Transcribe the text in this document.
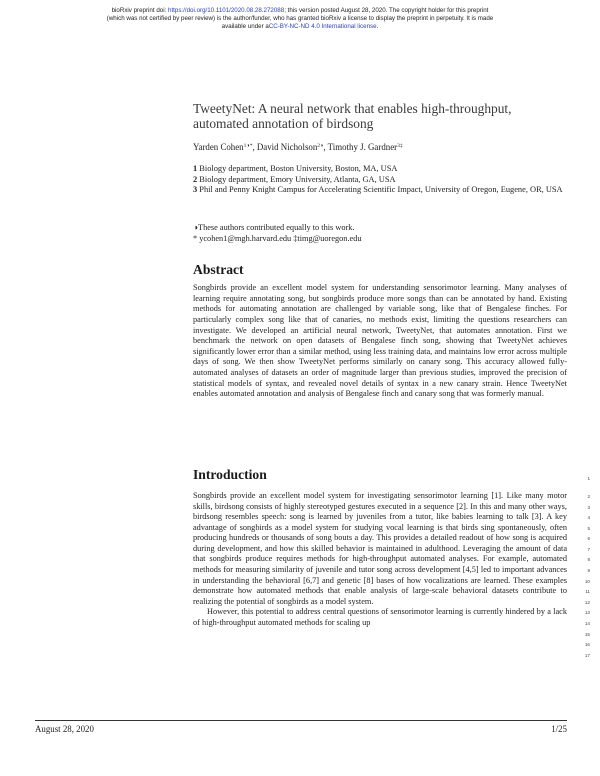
bioRxiv preprint doi: https://doi.org/10.1101/2020.08.28.272088; this version posted August 28, 2020. The copyright holder for this preprint
(which was not certified by peer review) is the author/funder, who has granted bioRxiv a license to display the preprint in perpetuity. It is made
available under aCC-BY-NC-ND 4.0 International license.
TweetyNet: A neural network that enables high-throughput,
automated annotation of birdsong
Yarden Cohen$^{1◑*}$, David Nicholson$^{2◑}$, Timothy J. Gardner$^{3\ddagger}$
1 Biology department, Boston University, Boston, MA, USA
2 Biology department, Emory University, Atlanta, GA, USA
3 Phil and Penny Knight Campus for Accelerating Scientific Impact, University of Oregon, Eugene, OR, USA
◑These authors contributed equally to this work.
* ycohen1@mgh.harvard.edu ‡timg@uoregon.edu
Abstract
Songbirds provide an excellent model system for understanding sensorimotor learning. Many analyses of learning require annotating song, but songbirds produce more songs than can be annotated by hand. Existing methods for automating annotation are challenged by variable song, like that of Bengalese finches. For particularly complex song like that of canaries, no methods exist, limiting the questions researchers can investigate. We developed an artificial neural network, TweetyNet, that automates annotation. First we benchmark the network on open datasets of Bengalese finch song, showing that TweetyNet achieves significantly lower error than a similar method, using less training data, and maintains low error across multiple days of song. We then show TweetyNet performs similarly on canary song. This accuracy allowed fully-automated analyses of datasets an order of magnitude larger than previous studies, improved the precision of statistical models of syntax, and revealed novel details of syntax in a new canary strain. Hence TweetyNet enables automated annotation and analysis of Bengalese finch and canary song that was formerly manual.
Introduction

Songbirds provide an excellent model system for investigating sensorimotor learning [1]. Like many motor skills, birdsong consists of highly stereotyped gestures executed in a sequence [2]. In this and many other ways, birdsong resembles speech: song is learned by juveniles from a tutor, like babies learning to talk [3]. A key advantage of songbirds as a model system for studying vocal learning is that birds sing spontaneously, often producing hundreds or thousands of song bouts a day. This provides a detailed readout of how song is acquired during development, and how this skilled behavior is maintained in adulthood. Leveraging the amount of data that songbirds produce requires methods for high-throughput automated analyses. For example, automated methods for measuring similarity of juvenile and tutor song across development [4,5] led to important advances in understanding the behavioral [6,7] and genetic [8] bases of how vocalizations are learned. These examples demonstrate how automated methods that enable analysis of large-scale behavioral datasets contribute to realizing the potential of songbirds as a model system.

However, this potential to address central questions of sensorimotor learning is currently hindered by a lack of high-throughput automated methods for scaling up

1
2
3
4
5
6
7
8
9
10
11
12
13
14
15
16
17
August 28, 2020	1/25
